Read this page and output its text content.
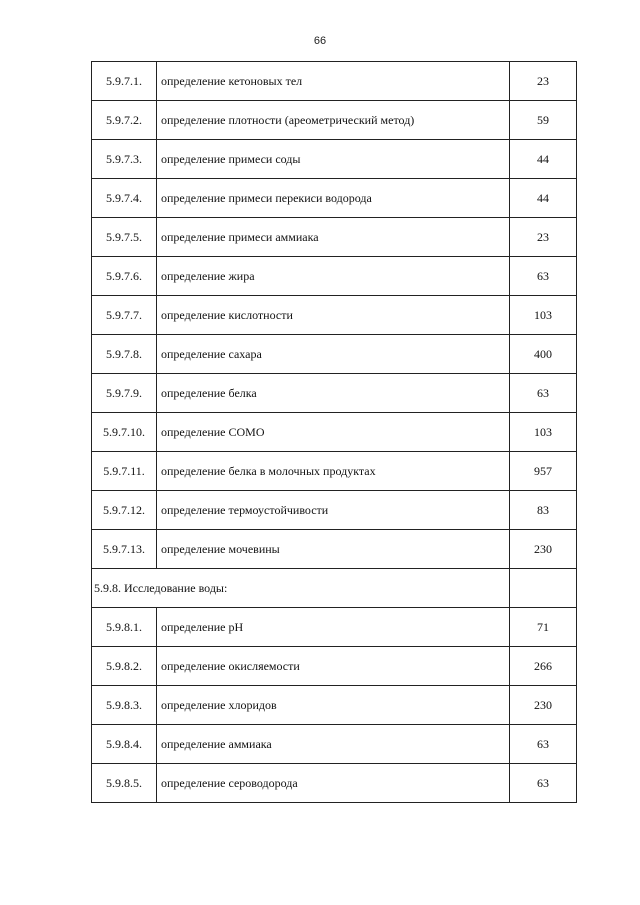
66
5.9.7.1.	определение кетоновых тел	23
5.9.7.2.	определение плотности (ареометрический метод)	59
5.9.7.3.	определение примеси соды	44
5.9.7.4.	определение примеси перекиси водорода	44
5.9.7.5.	определение примеси аммиака	23
5.9.7.6.	определение жира	63
5.9.7.7.	определение кислотности	103
5.9.7.8.	определение сахара	400
5.9.7.9.	определение белка	63
5.9.7.10.	определение СОМО	103
5.9.7.11.	определение белка в молочных продуктах	957
5.9.7.12.	определение термоустойчивости	83
5.9.7.13.	определение мочевины	230
5.9.8. Исследование воды:		
5.9.8.1.	определение pH	71
5.9.8.2.	определение окисляемости	266
5.9.8.3.	определение хлоридов	230
5.9.8.4.	определение аммиака	63
5.9.8.5.	определение сероводорода	63
